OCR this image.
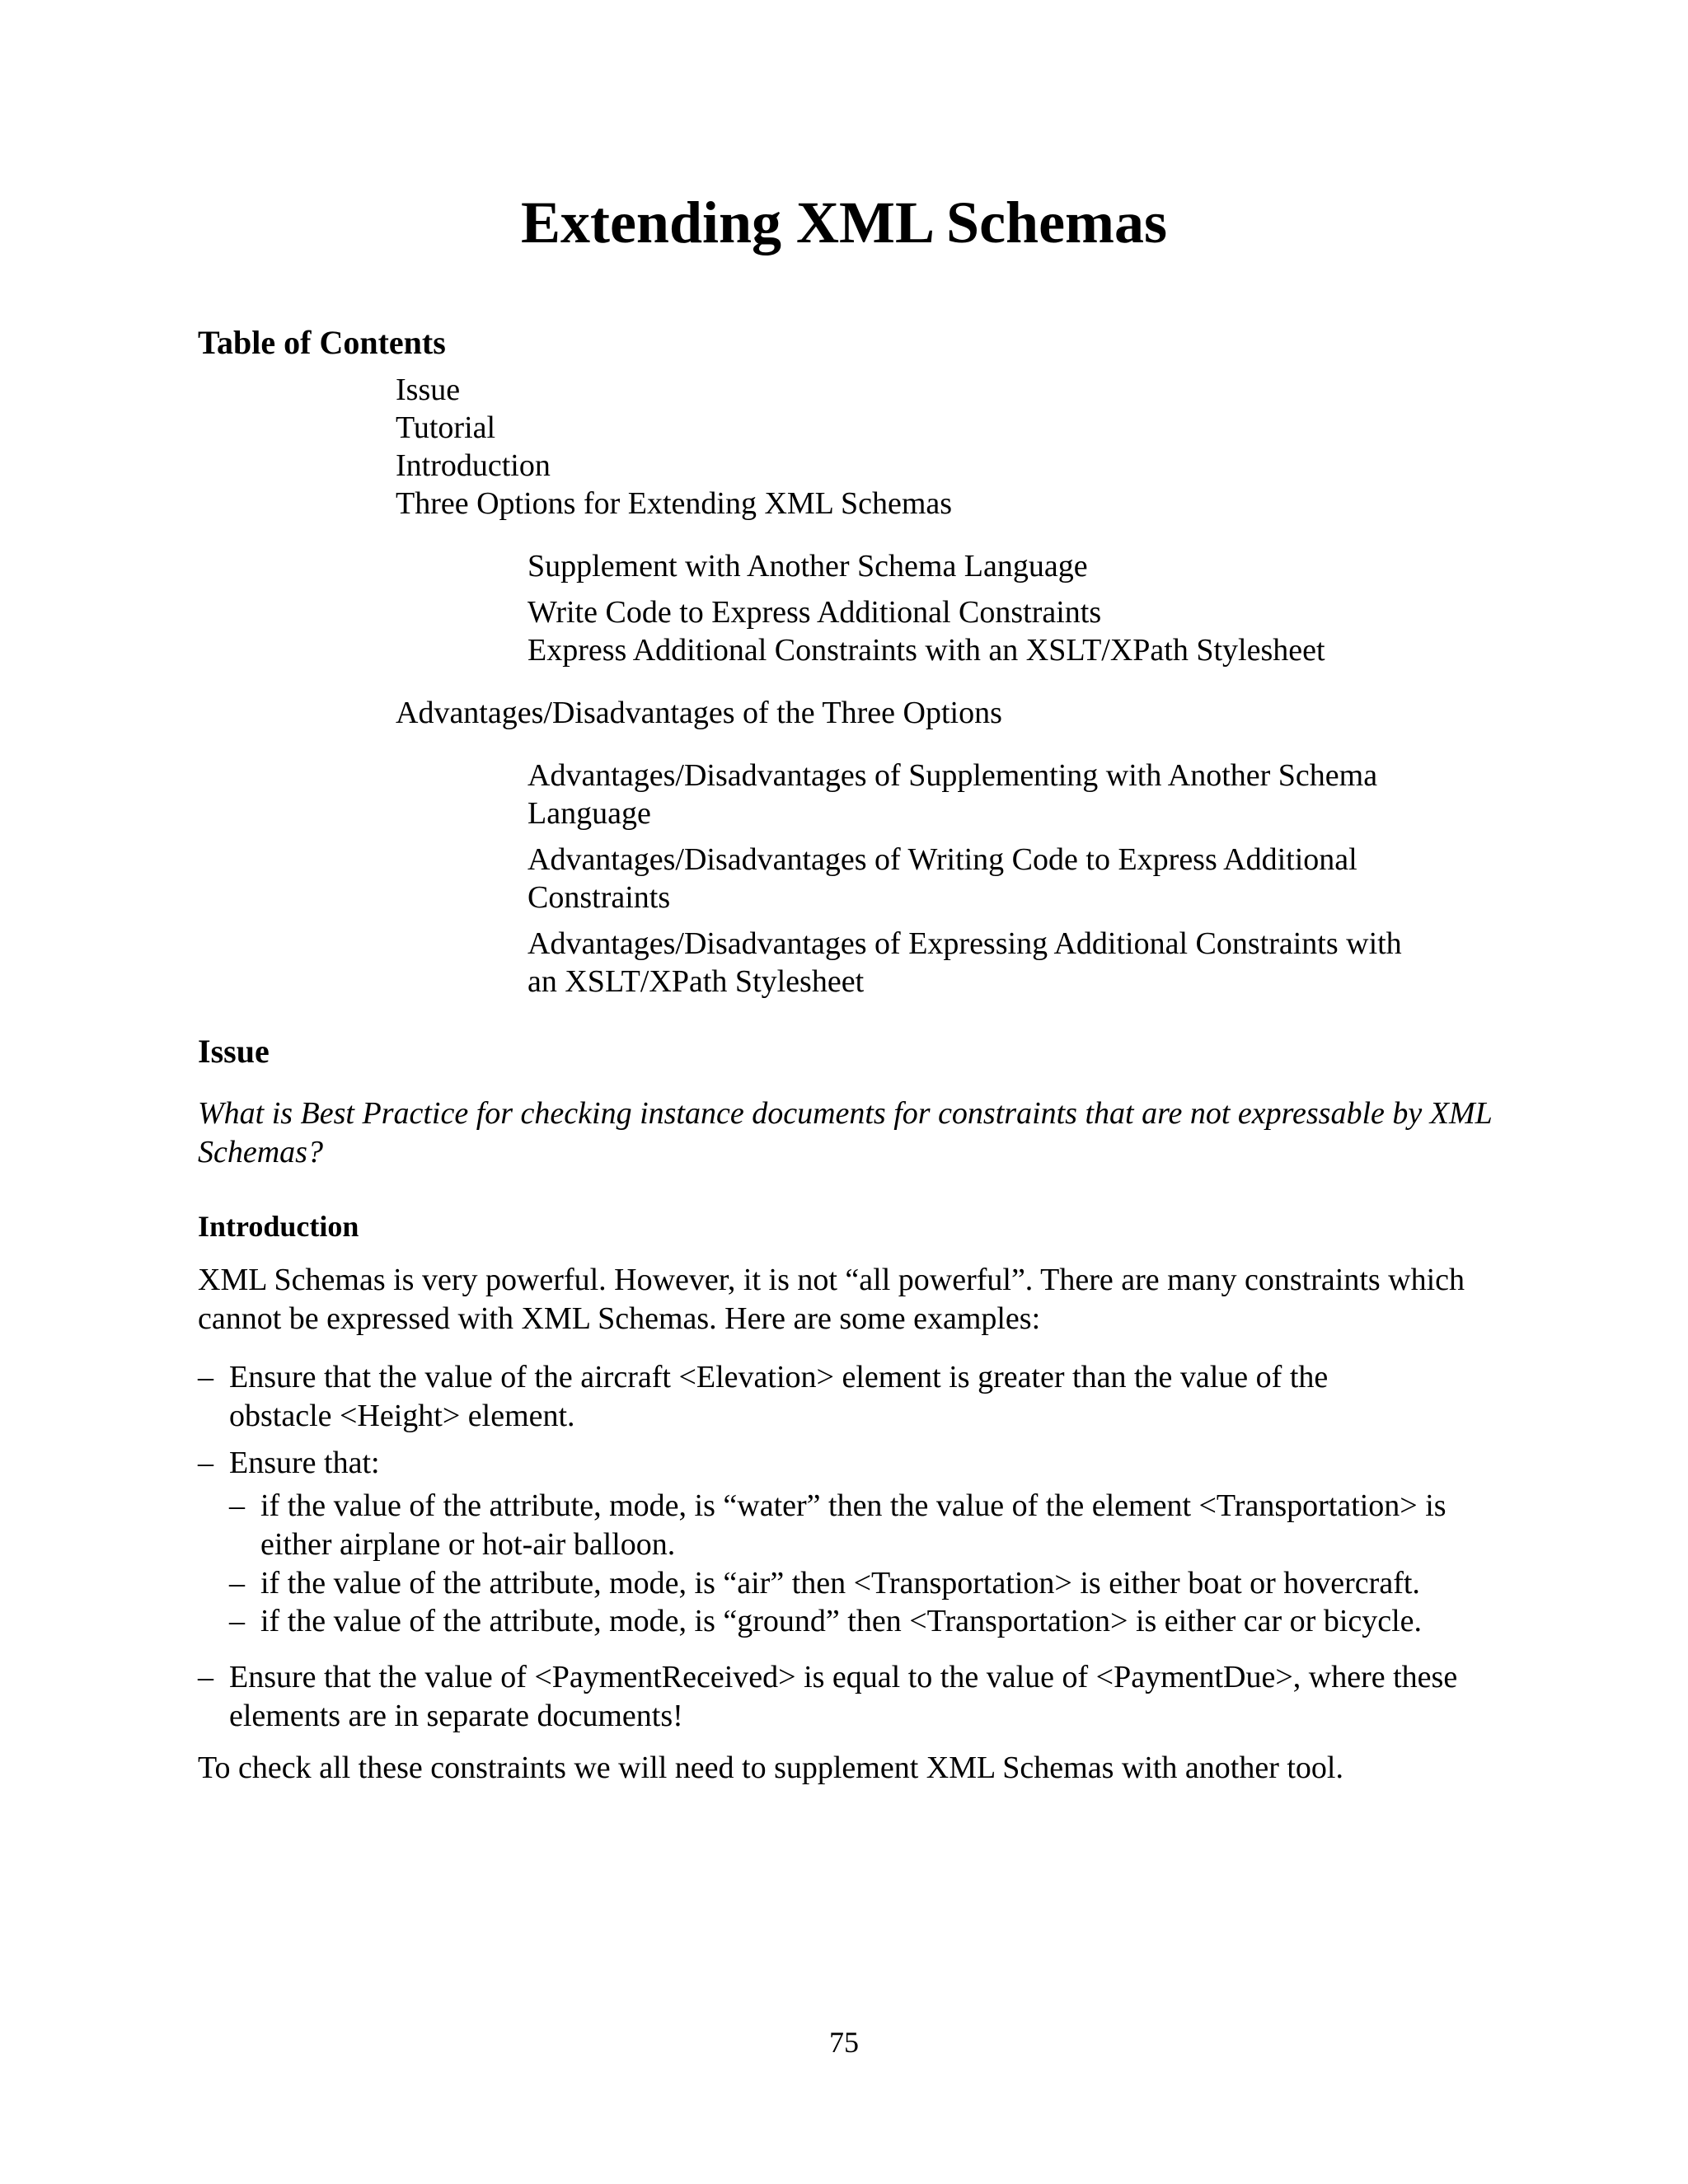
Extending XML Schemas
Table of Contents
Issue
Tutorial
Introduction
Three Options for Extending XML Schemas
Supplement with Another Schema Language
Write Code to Express Additional Constraints
Express Additional Constraints with an XSLT/XPath Stylesheet
Advantages/Disadvantages of the Three Options
Advantages/Disadvantages of Supplementing with Another Schema
Language
Advantages/Disadvantages of Writing Code to Express Additional
Constraints
Advantages/Disadvantages of Expressing Additional Constraints with
an XSLT/XPath Stylesheet
Issue

What is Best Practice for checking instance documents for constraints that are not expressable by XML Schemas?

Introduction

XML Schemas is very powerful. However, it is not “all powerful”. There are many constraints which cannot be expressed with XML Schemas. Here are some examples:

– Ensure that the value of the aircraft <Elevation> element is greater than the value of the obstacle <Height> element.
– Ensure that:
– if the value of the attribute, mode, is “water” then the value of the element <Transportation> is either airplane or hot-air balloon.
– if the value of the attribute, mode, is “air” then <Transportation> is either boat or hovercraft.
– if the value of the attribute, mode, is “ground” then <Transportation> is either car or bicycle.
– Ensure that the value of <PaymentReceived> is equal to the value of <PaymentDue>, where these elements are in separate documents!

To check all these constraints we will need to supplement XML Schemas with another tool.

75
